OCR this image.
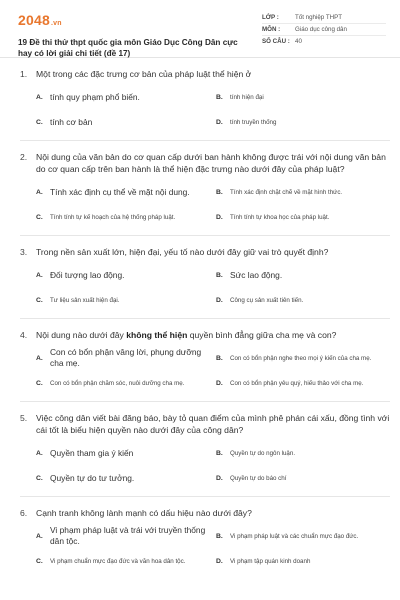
2048.vn
19 Đề thi thử thpt quốc gia môn Giáo Dục Công Dân cực hay có lời giải chi tiết (đề 17)
LỚP :	Tốt nghiệp THPT
MÔN :	Giáo dục công dân
SỐ CÂU : 40
1.	Một trong các đặc trưng cơ bản của pháp luật thể hiện ở
A. tính quy phạm phổ biến.	B.	tính hiện đại
C. tính cơ bản	D.	tính truyền thống
2.	Nội dung của văn bản do cơ quan cấp dưới ban hành không được trái với nội dung văn bản do cơ quan cấp trên ban hành là thể hiện đặc trưng nào dưới đây của pháp luật?
A. Tính xác định cụ thể về mặt nội dung.	B.	Tính xác định chặt chẽ về mặt hình thức.
C.	Tính tính tự kế hoạch của hệ thống pháp luật.	D.	Tính tính tự khoa học của pháp luật.
3.	Trong nền sản xuất lớn, hiện đại, yếu tố nào dưới đây giữ vai trò quyết định?
A. Đối tượng lao động.	B. Sức lao động.
C.	Tư liệu sản xuất hiện đại.	D.	Công cụ sản xuất tiên tiến.
4.	Nội dung nào dưới đây không thể hiện quyền bình đẳng giữa cha mẹ và con?
A.
Con có bổn phận vâng lời, phụng dưỡng cha mẹ.	B.	Con có bổn phận nghe theo mọi ý kiến của cha mẹ.
C.	Con có bổn phận chăm sóc, nuôi dưỡng cha mẹ.	D.	Con có bổn phận yêu quý, hiếu thảo với cha mẹ.
5.	Việc công dân viết bài đăng báo, bày tỏ quan điểm của mình phê phán cái xấu, đồng tình với cái tốt là biểu hiện quyền nào dưới đây của công dân?
A. Quyền tham gia ý kiến	B.	Quyền tự do ngôn luận.
C. Quyền tự do tư tưởng.	D.	Quyền tự do báo chí
6.	Cạnh tranh không lành mạnh có dấu hiệu nào dưới đây?
A.
Vi phạm pháp luật và trái với truyền thống dân tộc.	B.	Vi phạm pháp luật và các chuẩn mực đạo đức.
C.	Vi phạm chuẩn mực đạo đức và văn hoa dân tộc.	D.	Vi phạm tập quán kinh doanh
